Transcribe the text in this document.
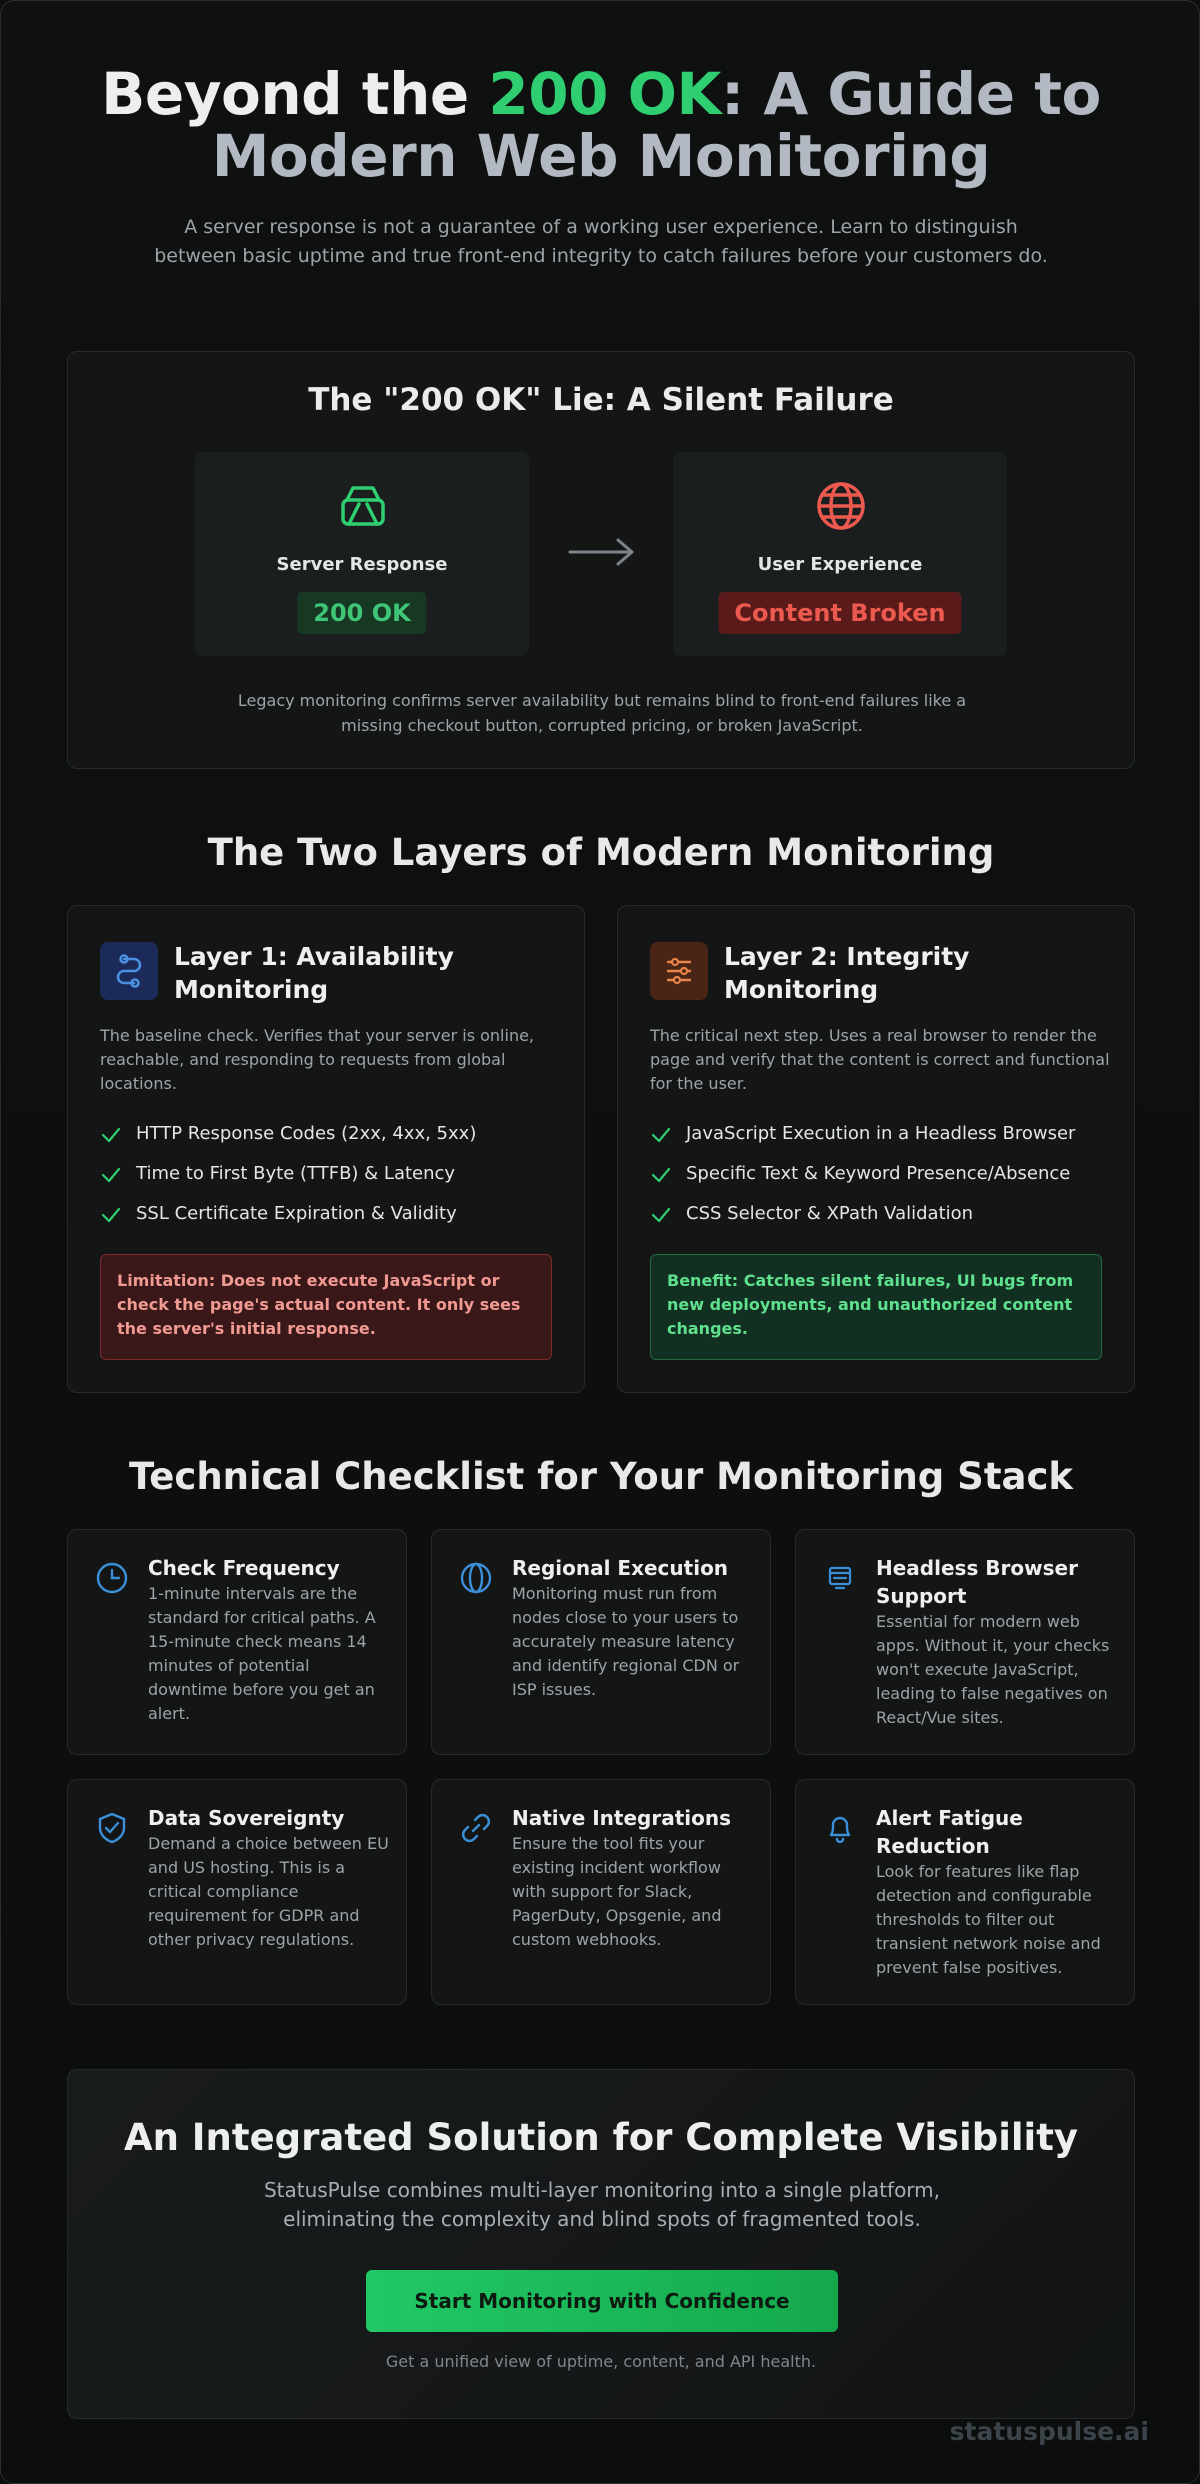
Beyond the 200 OK: A Guide to
Modern Web Monitoring

A server response is not a guarantee of a working user experience. Learn to distinguish between basic uptime and true front-end integrity to catch failures before your customers do.

The "200 OK" Lie: A Silent Failure
Server Response
200 OK
User Experience
Content Broken

Legacy monitoring confirms server availability but remains blind to front-end failures like a missing checkout button, corrupted pricing, or broken JavaScript.

The Two Layers of Modern Monitoring
Layer 1: Availability Monitoring

The baseline check. Verifies that your server is online, reachable, and responding to requests from global locations.

HTTP Response Codes (2xx, 4xx, 5xx)
Time to First Byte (TTFB) & Latency
SSL Certificate Expiration & Validity
Limitation: Does not execute JavaScript or check the page's actual content. It only sees the server's initial response.
Layer 2: Integrity Monitoring

The critical next step. Uses a real browser to render the page and verify that the content is correct and functional for the user.

JavaScript Execution in a Headless Browser
Specific Text & Keyword Presence/Absence
CSS Selector & XPath Validation
Benefit: Catches silent failures, UI bugs from new deployments, and unauthorized content changes.
Technical Checklist for Your Monitoring Stack
Check Frequency

1-minute intervals are the standard for critical paths. A 15-minute check means 14 minutes of potential downtime before you get an alert.

Regional Execution

Monitoring must run from nodes close to your users to accurately measure latency and identify regional CDN or ISP issues.

Headless Browser Support

Essential for modern web apps. Without it, your checks won't execute JavaScript, leading to false negatives on React/Vue sites.

Data Sovereignty

Demand a choice between EU and US hosting. This is a critical compliance requirement for GDPR and other privacy regulations.

Native Integrations

Ensure the tool fits your existing incident workflow with support for Slack, PagerDuty, Opsgenie, and custom webhooks.

Alert Fatigue Reduction

Look for features like flap detection and configurable thresholds to filter out transient network noise and prevent false positives.

An Integrated Solution for Complete Visibility

StatusPulse combines multi-layer monitoring into a single platform, eliminating the complexity and blind spots of fragmented tools.

Start Monitoring with Confidence
Get a unified view of uptime, content, and API health.
statuspulse.ai
